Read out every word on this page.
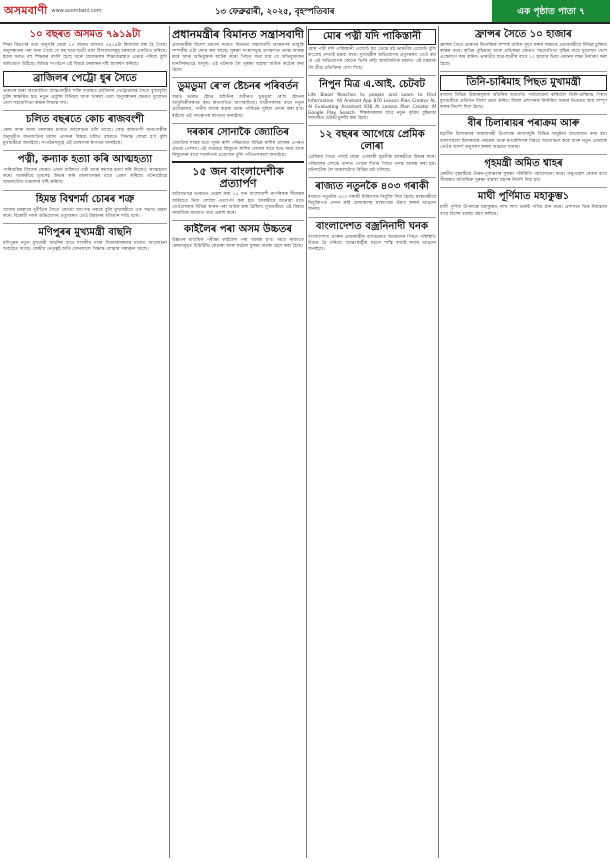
অসমবাণী www.asombani.com	১৩ ফেব্ৰুৱাৰী, ২০২৫, বৃহস্পতিবাৰ	এক পৃষ্ঠাত পাতা ৭
১০ বছৰত অসমত ৭৯১৯টা

শিক্ষা বিভাগৰ তথ্য অনুসৰি যোৱা ১০ বছৰত অসমত ৭৯১৯টা বিদ্যালয় বন্ধ হৈ গৈছে। অনুসন্ধানৰ পৰা জনা গৈছে যে কম ছাত্ৰ-ছাত্ৰী থকা বিদ্যালয়সমূহ চৰকাৰে একত্ৰিত কৰিছে। ইয়াৰ ফলত বহু শিক্ষকৰ বদলি হৈছে আৰু গ্ৰামাঞ্চলৰ শিক্ষাব্যৱস্থাত প্ৰভাৱ পৰিছে বুলি অভিযোগ উঠিছে। বিভিন্ন সংগঠনে এই বিষয়ে চৰকাৰৰ দৃষ্টি আকৰ্ষণ কৰিছে।

ব্ৰাজিলৰ পেট্ৰো ধুৰ সৈতে

ভাৰতৰ দ্বাৰা আয়োজিত আন্তঃৰাষ্ট্ৰীয় শক্তি সপ্তাহত ব্ৰাজিলৰ পেট্ৰোব্ৰাছৰ সৈতে বুজাবুজি চুক্তি স্বাক্ষৰিত হয়। নতুন প্ৰযুক্তি বিনিময় আৰু খাৰুৱা তেল অনুসন্ধানৰ ক্ষেত্ৰত দুয়োখন দেশে সহযোগিতা কৰাৰ সিদ্ধান্ত লয়।

চলিত বছৰতে কোচ ৰাজবংশী

কেন্দ্ৰ আৰু ৰাজ্য চৰকাৰৰ মাজত আলোচনা চলি আছে। কোচ ৰাজবংশী জনগোষ্ঠীক অনুসূচীত জনজাতিৰ মৰ্যাদা প্ৰদানৰ বিষয়ে চলিত বছৰতে সিদ্ধান্ত লোৱা হ'ব বুলি মুখ্যমন্ত্ৰীয়ে জনাইছে। সংগঠনসমূহে এই ঘোষণাক স্বাগতম জনাইছে।

পত্নী, কন্যাক হত্যা কৰি আত্মহত্যা

পাৰিবাৰিক বিবাদৰ জেৰত এজন ব্যক্তিয়ে পত্নী আৰু কন্যাক হত্যা কৰি নিজেও আত্মহত্যা কৰে। আৰক্ষীয়ে মৃতদেহ উদ্ধাৰ কৰি ময়নাতদন্তৰ বাবে প্ৰেৰণ কৰিছে। ঘটনাটোৱে অঞ্চলটোত চাঞ্চল্যৰ সৃষ্টি কৰিছে।

হিমন্ত বিশ্বশৰ্মা চোৰৰ শত্ৰু

আমাৰ চৰকাৰে দুৰ্নীতিৰ সৈতে কোনো আপোচ নকৰে বুলি মুখ্যমন্ত্ৰীয়ে এক সভাত মন্তব্য কৰে। বিৰোধী দলৰ অভিযোগৰ প্ৰত্যুত্তৰত তেওঁ উন্নয়নৰ খতিয়ান দাঙি ধৰে।

মণিপুৰৰ মুখ্যমন্ত্ৰী বাছনি

মণিপুৰৰ নতুন মুখ্যমন্ত্ৰী বাছনিৰ বাবে শাসকীয় দলৰ বিধায়কসকলৰ মাজত আলোচনা অব্যাহত আছে। কেন্দ্ৰীয় নেতৃত্বই অতি সোনকালে সিদ্ধান্ত লোৱাৰ সম্ভাৱনা আছে।

প্ৰধানমন্ত্ৰীৰ বিমানত সন্ত্ৰাসবাদী

প্ৰধানমন্ত্ৰীৰ বিদেশ ভ্ৰমণৰ সময়ত বিমানত সন্ত্ৰাসবাদী আক্ৰমণৰ ভাবুকি সম্পৰ্কীয় এটা ফোন কল আহে। সুৰক্ষা সংস্থাসমূহে তৎক্ষণাত তদন্ত আৰম্ভ কৰে আৰু অভিযুক্তক আটক কৰে। পিছত জনা যায় যে অভিযুক্তজন মানসিকভাৱে অসুস্থ। এই ঘটনাক লৈ সুৰক্ষা ব্যৱস্থা অধিক কঠোৰ কৰা হৈছে।

ডুমডুমা ৰে'ল ষ্টেচনৰ পৰিবৰ্তন

অমৃত ভাৰত ষ্টেচন আঁচনিৰ অধীনত ডুমডুমা ৰে'ল ষ্টেচনৰ আধুনিকীকৰণৰ কাম দ্ৰুতগতিত আগবাঢ়িছে। যাত্ৰীসকলৰ বাবে নতুন প্ৰতীক্ষালয়, পানীয় জলৰ ব্যৱস্থা আৰু পাৰ্কিঙৰ সুবিধা প্ৰদান কৰা হ'ব। ৰাইজে এই পদক্ষেপক স্বাগতম জনাইছে।

দৰকাৰ সোনাকৈ জ্যোতিৰ

জ্যোতিষ শাস্ত্ৰৰ মতে সূৰ্যৰ ৰাশি পৰিৱৰ্তনে বিভিন্ন ৰাশিৰ লোকৰ ওপৰত প্ৰভাৱ পেলায়। এই সপ্তাহত কিছুমান ৰাশিৰ লোকৰ বাবে শুভ সময় আৰু কিছুমানৰ বাবে সতৰ্কতাৰ প্ৰয়োজন বুলি পণ্ডিতসকলে জনাইছে।

১৫ জন বাংলাদেশীক প্ৰত্যাৰ্পণ

অবৈধভাৱে ভাৰতত প্ৰৱেশ কৰা ১৫ জন বাংলাদেশী নাগৰিকক সীমান্তৰ জৰিয়তে নিজ দেশলৈ প্ৰত্যাৰ্পণ কৰা হয়। আৰক্ষীয়ে জনোৱা মতে তেওঁলোকক বিভিন্ন স্থানৰ পৰা আটক কৰা হৈছিল। মুখ্যমন্ত্ৰীয়ে এই বিষয়ে সামাজিক মাধ্যমত তথ্য প্ৰকাশ কৰে।

কাইলৈৰ পৰা অসম উচ্চতৰ

উচ্চতৰ মাধ্যমিক পৰীক্ষা কাইলৈৰ পৰা আৰম্ভ হ'ব। সমগ্ৰ ৰাজ্যতে কেন্দ্ৰসমূহত চিচিটিভি কেমেৰা আৰু কঠোৰ সুৰক্ষা ব্যৱস্থা গ্ৰহণ কৰা হৈছে।

মোৰ পত্নী যদি পাকিস্তানী

মোৰ পত্নী যদি পাকিস্তানী এজেণ্ট হয় তেন্তে মই ভাৰতীয় এজেণ্ট বুলি কংগ্ৰেছ নেতাই মন্তব্য কৰে। মুখ্যমন্ত্ৰীৰ অভিযোগৰ প্ৰত্যুত্তৰত তেওঁ কয় যে এই অভিযোগৰ কোনো ভিত্তি নাই। ৰাজনৈতিক মহলত এই মন্তব্যক লৈ তীব্ৰ প্ৰতিক্ৰিয়া দেখা দিছে।

নিপুন মিত্ৰ এ.আই. চেটবট

Life Blood Reaches to people and Learn to Find Information. All Android App 870 Lesson Plan Creator AI, AI Evaluating Assistant 936 AI Lesson Plan Creator AI Google Play Search. শিক্ষকসকলৰ বাবে নতুন কৃত্ৰিম বুদ্ধিমত্তা আধাৰিত চেটবট মুকলি কৰা হৈছে।

১২ বছৰৰ আগেয়ে প্ৰেমিক লোৰা

প্ৰেমিকৰ সৈতে পলাই যোৱা এগৰাকী যুৱতীক আৰক্ষীয়ে উদ্ধাৰ কৰে। পৰিয়ালৰ লোকে থানাত গোচৰ দিয়াৰ পিছত তদন্ত আৰম্ভ কৰা হয়। ঘটনাটোক লৈ অঞ্চলটোত বিভিন্ন চৰ্চা চলিছে।

ৰাজ্যত নতুনকৈ ৪০৩ গৰাকী

ৰাজ্যত নতুনকৈ ৪০৩ গৰাকী চিকিৎসক নিযুক্তি দিয়া হৈছে। স্বাস্থ্যমন্ত্ৰীয়ে নিযুক্তিপত্ৰ প্ৰদান কৰি গ্ৰামাঞ্চলৰ স্বাস্থ্যসেৱা উন্নত কৰাৰ আহ্বান জনায়।

বাংলাদেশত বজ্ৰনিনাদী ঘনক

বাংলাদেশত প্ৰাক্তন প্ৰধানমন্ত্ৰীৰ বাসভৱনত আক্ৰমণৰ পিছত পৰিস্থিতি উত্তপ্ত হৈ পৰিছে। আন্তঃৰাষ্ট্ৰীয় মহলে শান্তি বজাই ৰখাৰ আহ্বান জনাইছে।

ফ্ৰান্সৰ সৈতে ১০ হাজাৰ

ফ্ৰান্সৰ সৈতে ভাৰতৰ দ্বিপাক্ষিক সম্পৰ্ক অধিক সুদৃঢ় কৰাৰ লক্ষ্যৰে প্ৰধানমন্ত্ৰীয়ে বিভিন্ন চুক্তিত স্বাক্ষৰ কৰে। কৃত্ৰিম বুদ্ধিমত্তা আৰু প্ৰতিৰক্ষা ক্ষেত্ৰত সহযোগিতা বৃদ্ধিৰ বাবে দুয়োখন দেশে একেলগে কাম কৰিব। ভাৰতীয় ছাত্ৰ-ছাত্ৰীৰ বাবে ১০ হাজাৰ ভিছা প্ৰদানৰ লক্ষ্য নিৰ্ধাৰণ কৰা হৈছে।

তিনি-চাৰিমাহ পিছত মুখামন্ত্ৰী

ৰাজ্যৰ বিভিন্ন উন্নয়নমূলক আঁচনিৰ অগ্ৰগতি পৰ্যালোচনা কৰিবলৈ তিনি-চাৰিমাহ পিছত মুখ্যমন্ত্ৰীয়ে প্ৰতিখন জিলা ভ্ৰমণ কৰিব। জিলা প্ৰশাসনক নিৰ্ধাৰিত সময়ৰ ভিতৰত কাম সম্পূৰ্ণ কৰাৰ নিৰ্দেশ দিয়া হৈছে।

বীৰ চিলাৰায়ৰ পৰাক্ৰম আৰু

মহাবীৰ চিলাৰায়ৰ জন্মজয়ন্তী উপলক্ষে ৰাজ্যজুৰি বিভিন্ন অনুষ্ঠান আয়োজন কৰা হয়। বক্তাসকলে চিলাৰায়ৰ পৰাক্ৰম আৰু ৰণকৌশলৰ বিষয়ে আলোচনা কৰে আৰু নতুন প্ৰজন্মক তেওঁৰ আদৰ্শ অনুসৰণ কৰাৰ আহ্বান জনায়।

গৃহমন্ত্ৰী অমিত শ্বাহৰ

কেন্দ্ৰীয় গৃহমন্ত্ৰীয়ে উত্তৰ-পূৰ্বাঞ্চলৰ সুৰক্ষা পৰিস্থিতি পৰ্যালোচনা কৰে। অনুপ্ৰৱেশ ৰোধৰ বাবে সীমান্তত অতিৰিক্ত সুৰক্ষা ব্যৱস্থা গ্ৰহণৰ নিৰ্দেশ দিয়া হয়।

মাঘী পূৰ্ণিমাত মহাকুম্ভ১

মাঘী পূৰ্ণিমা উপলক্ষে মহাকুম্ভত লাখ লাখ ভক্তই পবিত্ৰ স্নান কৰে। প্ৰশাসনে ভিৰ নিয়ন্ত্ৰণৰ বাবে বিশেষ ব্যৱস্থা গ্ৰহণ কৰিছে।
